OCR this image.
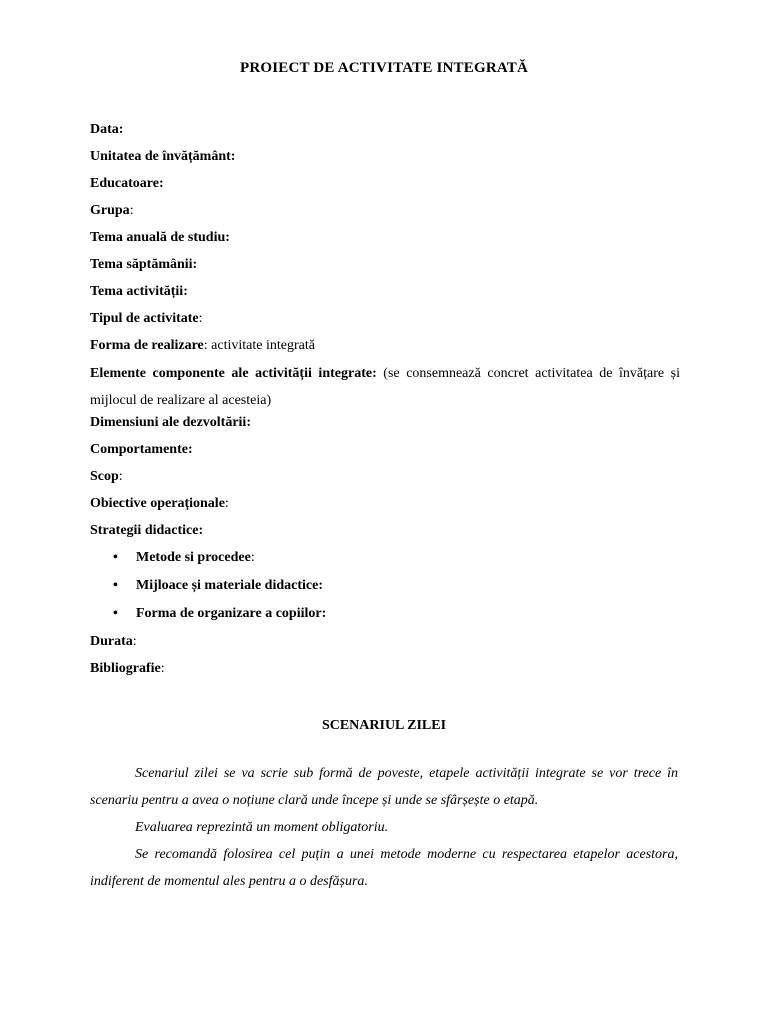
PROIECT DE ACTIVITATE INTEGRATĂ
Data:
Unitatea de învățământ:
Educatoare:
Grupa:
Tema anuală de studiu:
Tema săptămânii:
Tema activității:
Tipul de activitate:
Forma de realizare: activitate integrată
Elemente componente ale activității integrate: (se consemnează concret activitatea de învățare și mijlocul de realizare al acesteia)
Dimensiuni ale dezvoltării:
Comportamente:
Scop:
Obiective operaționale:
Strategii didactice:
• Metode si procedee:
• Mijloace și materiale didactice:
• Forma de organizare a copiilor:
Durata:
Bibliografie:
SCENARIUL ZILEI

Scenariul zilei se va scrie sub formă de poveste, etapele activității integrate se vor trece în scenariu pentru a avea o noțiune clară unde începe și unde se sfârșește o etapă.

Evaluarea reprezintă un moment obligatoriu.

Se recomandă folosirea cel puțin a unei metode moderne cu respectarea etapelor acestora, indiferent de momentul ales pentru a o desfășura.
